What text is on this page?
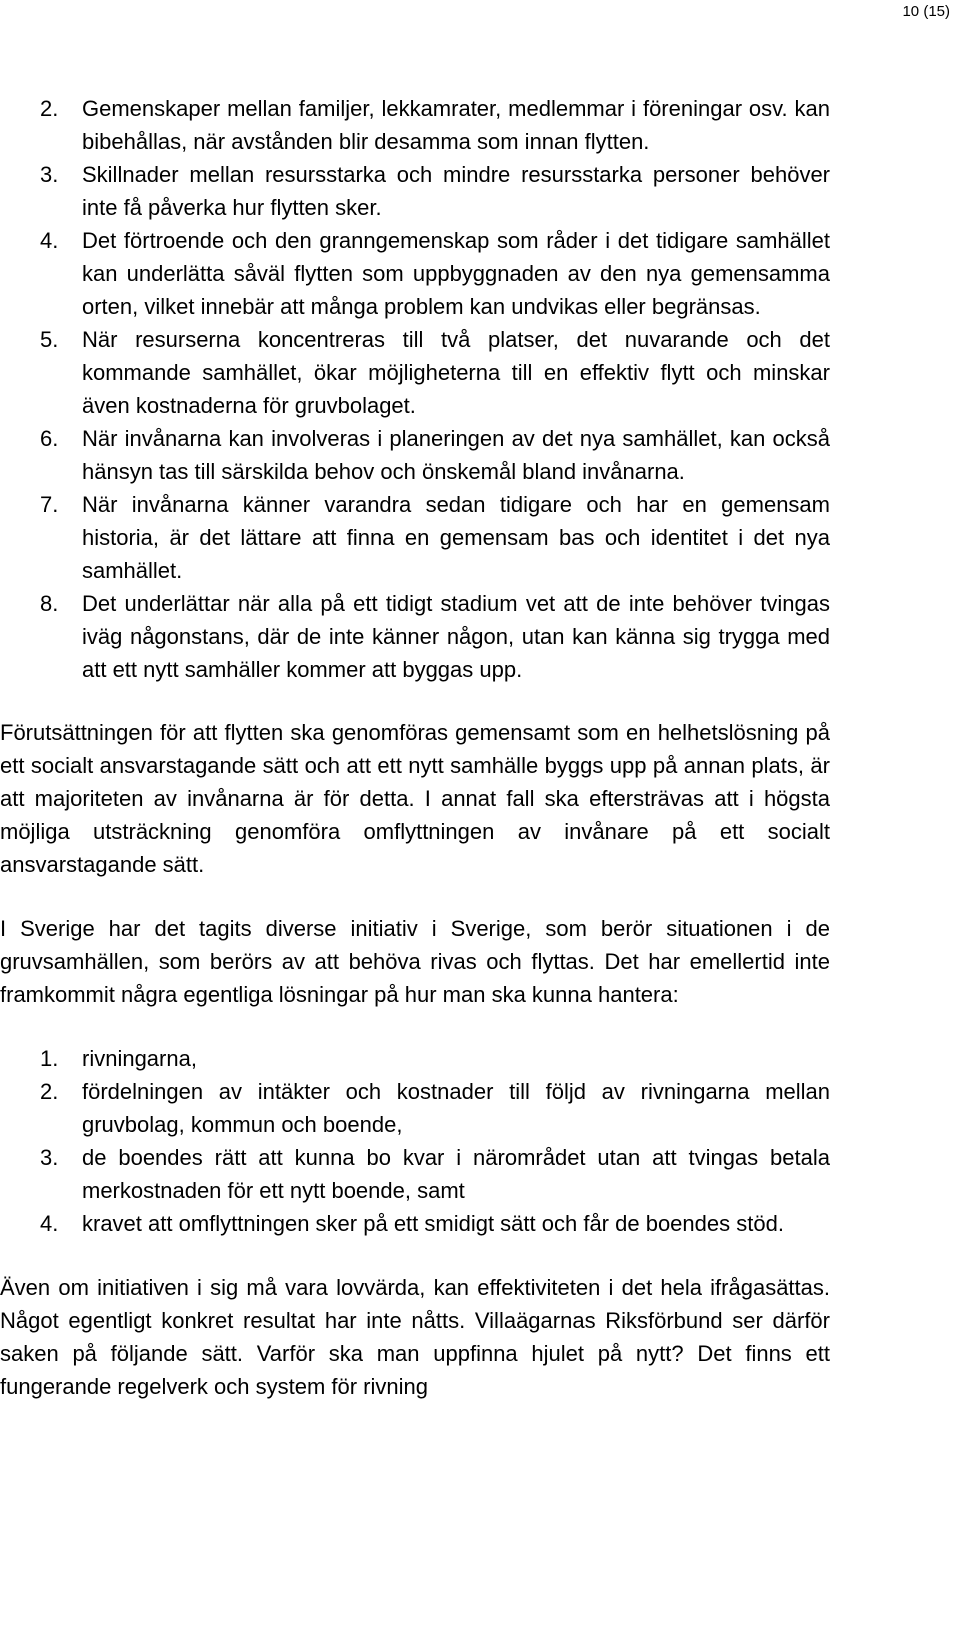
10 (15)
2. Gemenskaper mellan familjer, lekkamrater, medlemmar i föreningar osv. kan bibehållas, när avstånden blir desamma som innan flytten.
3. Skillnader mellan resursstarka och mindre resursstarka personer behöver inte få påverka hur flytten sker.
4. Det förtroende och den granngemenskap som råder i det tidigare samhället kan underlätta såväl flytten som uppbyggnaden av den nya gemensamma orten, vilket innebär att många problem kan undvikas eller begränsas.
5. När resurserna koncentreras till två platser, det nuvarande och det kommande samhället, ökar möjligheterna till en effektiv flytt och minskar även kostnaderna för gruvbolaget.
6. När invånarna kan involveras i planeringen av det nya samhället, kan också hänsyn tas till särskilda behov och önskemål bland invånarna.
7. När invånarna känner varandra sedan tidigare och har en gemensam historia, är det lättare att finna en gemensam bas och identitet i det nya samhället.
8. Det underlättar när alla på ett tidigt stadium vet att de inte behöver tvingas iväg någonstans, där de inte känner någon, utan kan känna sig trygga med att ett nytt samhäller kommer att byggas upp.

Förutsättningen för att flytten ska genomföras gemensamt som en helhetslösning på ett socialt ansvarstagande sätt och att ett nytt samhälle byggs upp på annan plats, är att majoriteten av invånarna är för detta. I annat fall ska eftersträvas att i högsta möjliga utsträckning genomföra omflyttningen av invånare på ett socialt ansvarstagande sätt.

I Sverige har det tagits diverse initiativ i Sverige, som berör situationen i de gruvsamhällen, som berörs av att behöva rivas och flyttas. Det har emellertid inte framkommit några egentliga lösningar på hur man ska kunna hantera:

1. rivningarna,
2. fördelningen av intäkter och kostnader till följd av rivningarna mellan gruvbolag, kommun och boende,
3. de boendes rätt att kunna bo kvar i närområdet utan att tvingas betala merkostnaden för ett nytt boende, samt
4. kravet att omflyttningen sker på ett smidigt sätt och får de boendes stöd.

Även om initiativen i sig må vara lovvärda, kan effektiviteten i det hela ifrågasättas. Något egentligt konkret resultat har inte nåtts. Villaägarnas Riksförbund ser därför saken på följande sätt. Varför ska man uppfinna hjulet på nytt? Det finns ett fungerande regelverk och system för rivning
